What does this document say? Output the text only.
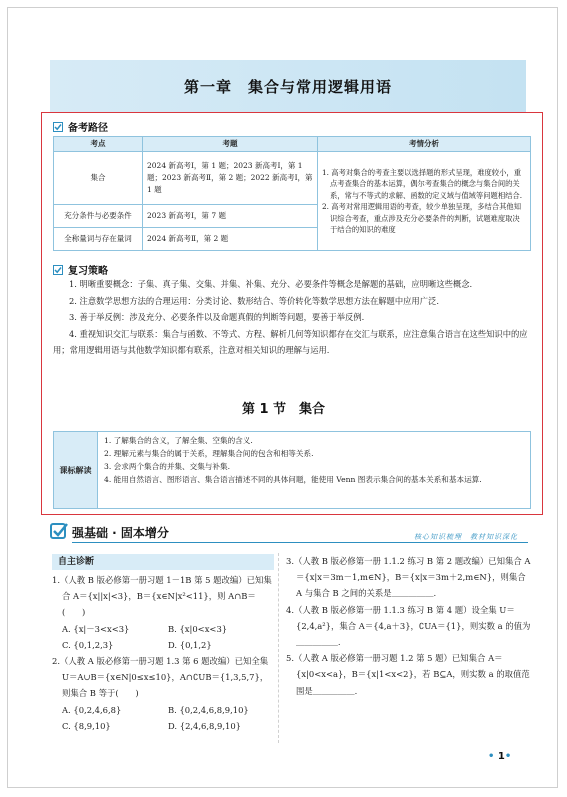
第一章　集合与常用逻辑用语
备考路径
考点	考题	考情分析
集合	2024 新高考Ⅰ，第 1 题；2023 新高考Ⅰ，第 1 题；2023 新高考Ⅱ，第 2 题；2022 新高考Ⅰ，第 1 题	1. 高考对集合的考查主要以选择题的形式呈现，难度较小，重点考查集合的基本运算，偶尔考查集合的概念与集合间的关系，常与不等式的求解、函数的定义域与值域等问题相结合.
2. 高考对常用逻辑用语的考查，较少单独呈现，多结合其他知识综合考查，重点涉及充分必要条件的判断，试题难度取决于结合的知识的难度

充分条件与必要条件	2023 新高考Ⅰ，第 7 题	
全称量词与存在量词	2024 新高考Ⅱ，第 2 题	
复习策略

1. 明晰重要概念：子集、真子集、交集、并集、补集、充分、必要条件等概念是解题的基础，应明晰这些概念.

2. 注意数学思想方法的合理运用：分类讨论、数形结合、等价转化等数学思想方法在解题中应用广泛.

3. 善于举反例：涉及充分、必要条件以及命题真假的判断等问题，要善于举反例.

4. 重视知识交汇与联系：集合与函数、不等式、方程、解析几何等知识都存在交汇与联系，应注意集合语言在这些知识中的应用；常用逻辑用语与其他数学知识都有联系，注意对相关知识的理解与运用.

第 1 节　集合
课标解读
1. 了解集合的含义，了解全集、空集的含义.
2. 理解元素与集合的属于关系，理解集合间的包含和相等关系.
3. 会求两个集合的并集、交集与补集.
4. 能用自然语言、图形语言、集合语言描述不同的具体问题，能使用 Venn 图表示集合间的基本关系和基本运算.
强基础 · 固本增分	核心知识梳理　教材知识深化
自主诊断
1.（人教 B 版必修第一册习题 1－1B 第 5 题改编）已知集合 A＝{x||x|<3}，B＝{x∈N|x²<11}，则 A∩B＝(　　)
A. {x|－3<x<3}	B. {x|0<x<3}
C. {0,1,2,3}	D. {0,1,2}
2.（人教 A 版必修第一册习题 1.3 第 6 题改编）已知全集 U＝A∪B＝{x∈N|0≤x≤10}，A∩∁UB＝{1,3,5,7}，则集合 B 等于(　　)
A. {0,2,4,6,8}	B. {0,2,4,6,8,9,10}
C. {8,9,10}	D. {2,4,6,8,9,10}
3.（人教 B 版必修第一册 1.1.2 练习 B 第 2 题改编）已知集合 A＝{x|x＝3m－1,m∈N}，B＝{x|x＝3m＋2,m∈N}，则集合 A 与集合 B 之间的关系是＿＿＿＿＿.
4.（人教 B 版必修第一册 1.1.3 练习 B 第 4 题）设全集 U＝{2,4,a²}，集合 A＝{4,a＋3}，∁UA＝{1}，则实数 a 的值为＿＿＿＿＿.
5.（人教 A 版必修第一册习题 1.2 第 5 题）已知集合 A＝{x|0<x<a}，B＝{x|1<x<2}，若 B⊆A，则实数 a 的取值范围是＿＿＿＿＿.
• 1•
